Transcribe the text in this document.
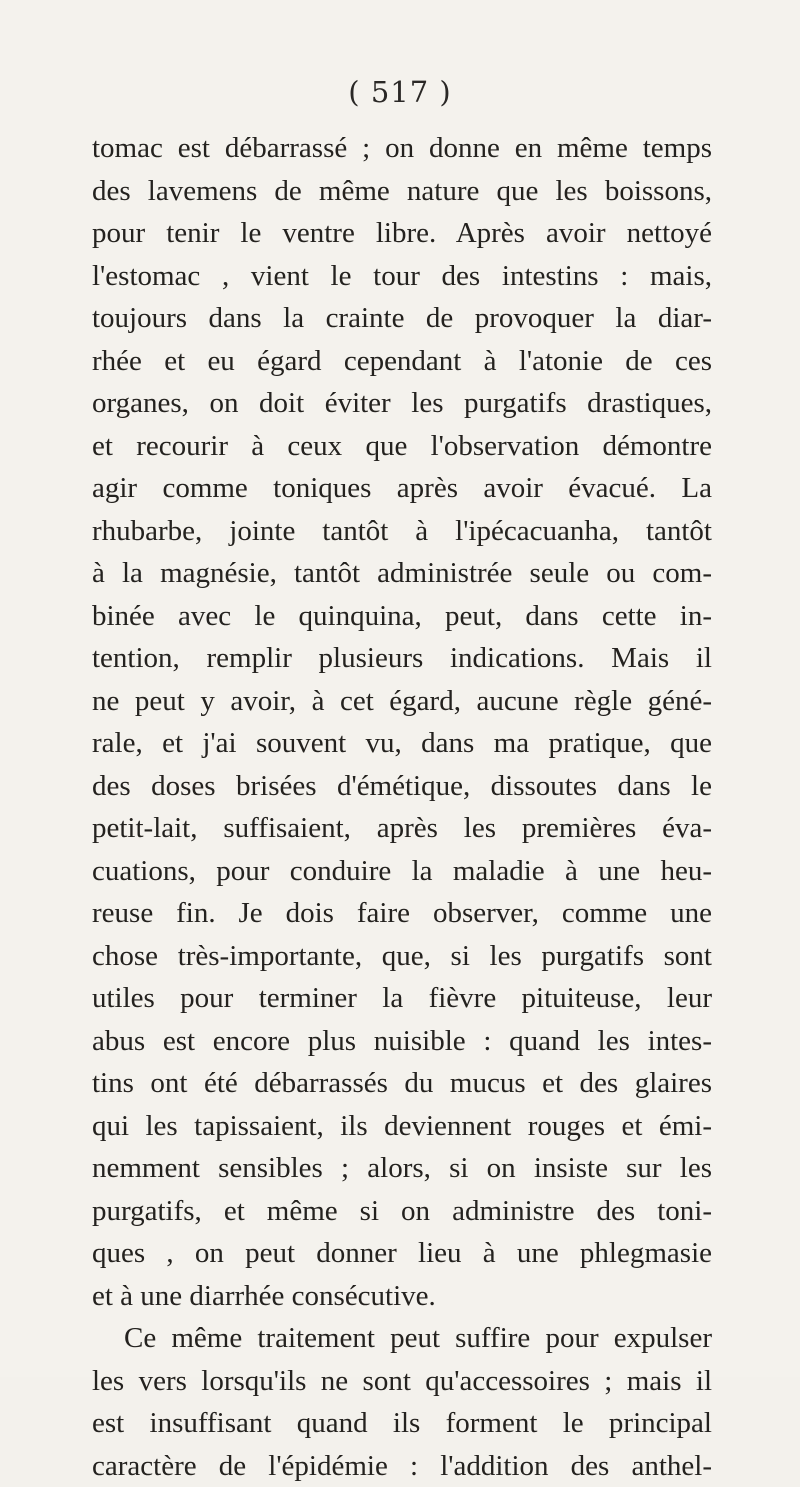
( 517 )
tomac est débarrassé ; on donne en même temps
des lavemens de même nature que les boissons,
pour tenir le ventre libre. Après avoir nettoyé
l'estomac , vient le tour des intestins : mais,
toujours dans la crainte de provoquer la diar-
rhée et eu égard cependant à l'atonie de ces
organes, on doit éviter les purgatifs drastiques,
et recourir à ceux que l'observation démontre
agir comme toniques après avoir évacué. La
rhubarbe, jointe tantôt à l'ipécacuanha, tantôt
à la magnésie, tantôt administrée seule ou com-
binée avec le quinquina, peut, dans cette in-
tention, remplir plusieurs indications. Mais il
ne peut y avoir, à cet égard, aucune règle géné-
rale, et j'ai souvent vu, dans ma pratique, que
des doses brisées d'émétique, dissoutes dans le
petit-lait, suffisaient, après les premières éva-
cuations, pour conduire la maladie à une heu-
reuse fin. Je dois faire observer, comme une
chose très-importante, que, si les purgatifs sont
utiles pour terminer la fièvre pituiteuse, leur
abus est encore plus nuisible : quand les intes-
tins ont été débarrassés du mucus et des glaires
qui les tapissaient, ils deviennent rouges et émi-
nemment sensibles ; alors, si on insiste sur les
purgatifs, et même si on administre des toni-
ques , on peut donner lieu à une phlegmasie
et à une diarrhée consécutive.
Ce même traitement peut suffire pour expulser
les vers lorsqu'ils ne sont qu'accessoires ; mais il
est insuffisant quand ils forment le principal
caractère de l'épidémie : l'addition des anthel-
